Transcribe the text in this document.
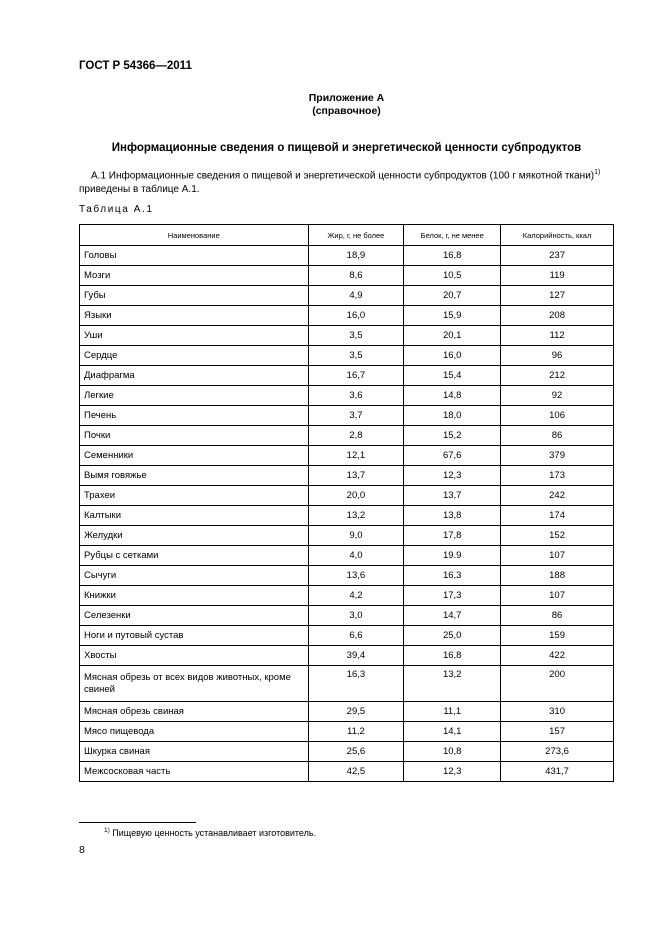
ГОСТ Р 54366—2011
Приложение А
(справочное)
Информационные сведения о пищевой и энергетической ценности субпродуктов
А.1 Информационные сведения о пищевой и энергетической ценности субпродуктов (100 г мякотной ткани)$^{1)}$
приведены в таблице А.1.
Таблица А.1
Наименование	Жир, г, не более	Белок, г, не менее	Калорийность, ккал
Головы	18,9	16,8	237
Мозги	8,6	10,5	119
Губы	4,9	20,7	127
Языки	16,0	15,9	208
Уши	3,5	20,1	112
Сердце	3,5	16,0	96
Диафрагма	16,7	15,4	212
Легкие	3,6	14,8	92
Печень	3,7	18,0	106
Почки	2,8	15,2	86
Семенники	12,1	67,6	379
Вымя говяжье	13,7	12,3	173
Трахеи	20,0	13,7	242
Калтыки	13,2	13,8	174
Желудки	9,0	17,8	152
Рубцы с сетками	4,0	19.9	107
Сычуги	13,6	16,3	188
Книжки	4,2	17,3	107
Селезенки	3,0	14,7	86
Ноги и путовый сустав	6,6	25,0	159
Хвосты	39,4	16,8	422
Мясная обрезь от всех видов животных, кроме свиней	16,3	13,2	200
Мясная обрезь свиная	29,5	11,1	310
Мясо пищевода	11,2	14,1	157
Шкурка свиная	25,6	10,8	273,6
Межсосковая часть	42,5	12,3	431,7
$^{1)}$ Пищевую ценность устанавливает изготовитель.
8
